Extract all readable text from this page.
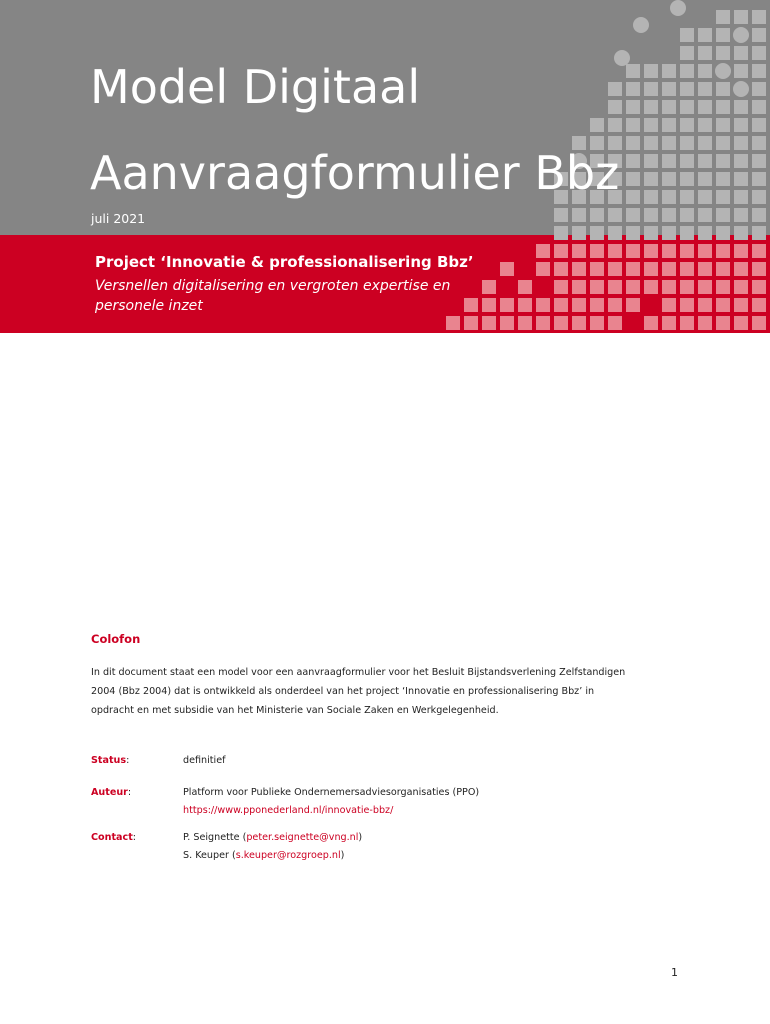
Model Digitaal
Aanvraagformulier Bbz
juli 2021
Project ‘Innovatie & professionalisering Bbz’
Versnellen digitalisering en vergroten expertise en
personele inzet
Colofon
In dit document staat een model voor een aanvraagformulier voor het Besluit Bijstandsverlening Zelfstandigen
2004 (Bbz 2004) dat is ontwikkeld als onderdeel van het project ‘Innovatie en professionalisering Bbz’ in
opdracht en met subsidie van het Ministerie van Sociale Zaken en Werkgelegenheid.
Status:	definitief
Auteur:	Platform voor Publieke Ondernemersadviesorganisaties (PPO)
https://www.pponederland.nl/innovatie-bbz/
Contact:	P. Seignette (peter.seignette@vng.nl)
S. Keuper (s.keuper@rozgroep.nl)
1
